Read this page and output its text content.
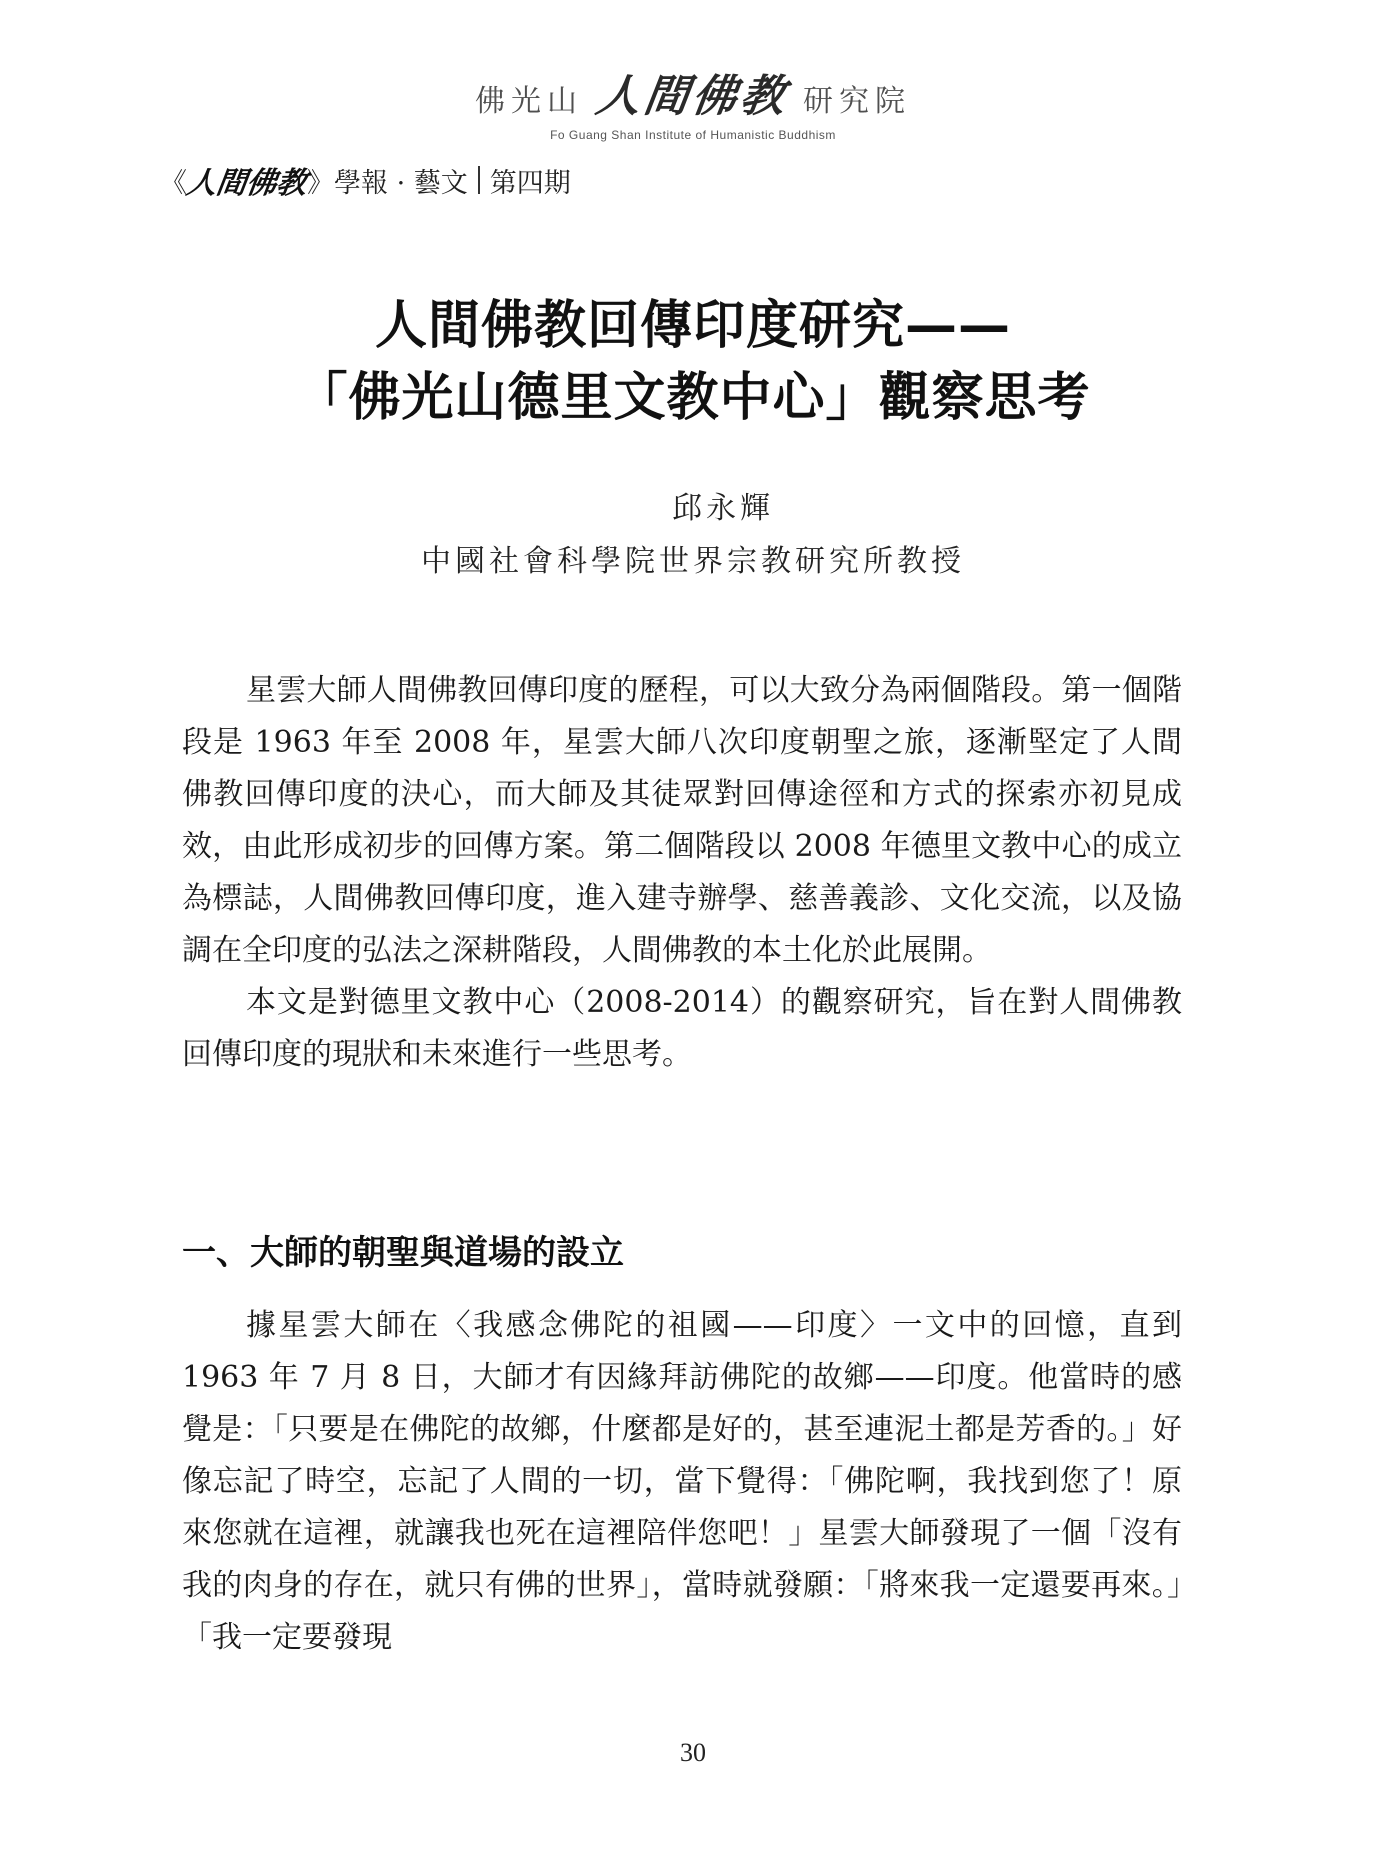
佛光山 人間佛教 研究院
Fo Guang Shan Institute of Humanistic Buddhism
《
人間佛教
》 學報 · 藝文 第四期
人間佛教回傳印度研究——
「佛光山德里文教中心」觀察思考
邱永輝
中國社會科學院世界宗教研究所教授

星雲大師人間佛教回傳印度的歷程，可以大致分為兩個階段。第一個階段是 1963 年至 2008 年，星雲大師八次印度朝聖之旅，逐漸堅定了人間佛教回傳印度的決心，而大師及其徒眾對回傳途徑和方式的探索亦初見成效，由此形成初步的回傳方案。第二個階段以 2008 年德里文教中心的成立為標誌，人間佛教回傳印度，進入建寺辦學、慈善義診、文化交流，以及協調在全印度的弘法之深耕階段，人間佛教的本土化於此展開。

本文是對德里文教中心（2008-2014）的觀察研究，旨在對人間佛教回傳印度的現狀和未來進行一些思考。

一、大師的朝聖與道場的設立

據星雲大師在〈我感念佛陀的祖國——印度〉一文中的回憶，直到 1963 年 7 月 8 日，大師才有因緣拜訪佛陀的故鄉——印度。他當時的感覺是：「只要是在佛陀的故鄉，什麼都是好的，甚至連泥土都是芳香的。」好像忘記了時空，忘記了人間的一切，當下覺得：「佛陀啊，我找到您了！原來您就在這裡，就讓我也死在這裡陪伴您吧！」星雲大師發現了一個「沒有我的肉身的存在，就只有佛的世界」，當時就發願：「將來我一定還要再來。」「我一定要發現

30
